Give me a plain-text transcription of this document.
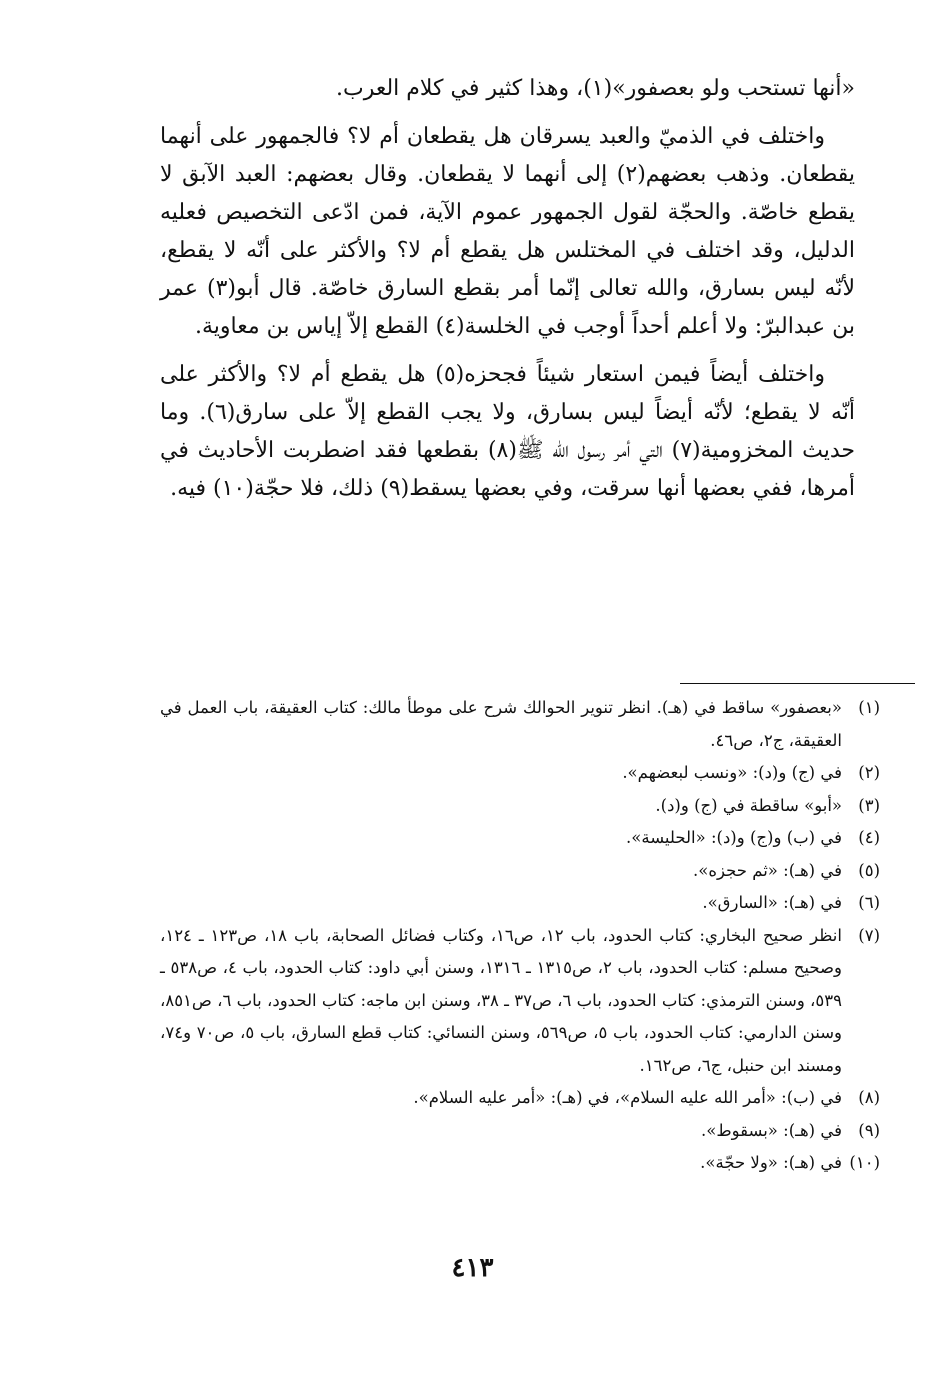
«أنها تستحب ولو بعصفور»(١)، وهذا كثير في كلام العرب.

واختلف في الذميّ والعبد يسرقان هل يقطعان أم لا؟ فالجمهور على أنهما يقطعان. وذهب بعضهم(٢) إلى أنهما لا يقطعان. وقال بعضهم: العبد الآبق لا يقطع خاصّة. والحجّة لقول الجمهور عموم الآية، فمن ادّعى التخصيص فعليه الدليل، وقد اختلف في المختلس هل يقطع أم لا؟ والأكثر على أنّه لا يقطع، لأنّه ليس بسارق، والله تعالى إنّما أمر بقطع السارق خاصّة. قال أبو(٣) عمر بن عبدالبرّ: ولا أعلم أحداً أوجب في الخلسة(٤) القطع إلاّ إياس بن معاوية.

واختلف أيضاً فيمن استعار شيئاً فجحزه(٥) هل يقطع أم لا؟ والأكثر على أنّه لا يقطع؛ لأنّه أيضاً ليس بسارق، ولا يجب القطع إلاّ على سارق(٦). وما حديث المخزومية(٧) التي أمر رسول الله ﷺ(٨) بقطعها فقد اضطربت الأحاديث في أمرها، ففي بعضها أنها سرقت، وفي بعضها يسقط(٩) ذلك، فلا حجّة(١٠) فيه.

(١)
«بعصفور» ساقط في (هـ). انظر تنوير الحوالك شرح على موطأ مالك: كتاب العقيقة، باب العمل في العقيقة، ج٢، ص٤٦.
(٢)
في (ج) و(د): «ونسب لبعضهم».
(٣)
«أبو» ساقطة في (ج) و(د).
(٤)
في (ب) و(ج) و(د): «الحليسة».
(٥)
في (هـ): «ثم حجزه».
(٦)
في (هـ): «السارق».
(٧)
انظر صحيح البخاري: كتاب الحدود، باب ١٢، ص١٦، وكتاب فضائل الصحابة، باب ١٨، ص١٢٣ ـ ١٢٤، وصحيح مسلم: كتاب الحدود، باب ٢، ص١٣١٥ ـ ١٣١٦، وسنن أبي داود: كتاب الحدود، باب ٤، ص٥٣٨ ـ ٥٣٩، وسنن الترمذي: كتاب الحدود، باب ٦، ص٣٧ ـ ٣٨، وسنن ابن ماجه: كتاب الحدود، باب ٦، ص٨٥١، وسنن الدارمي: كتاب الحدود، باب ٥، ص٥٦٩، وسنن النسائي: كتاب قطع السارق، باب ٥، ص٧٠ و٧٤، ومسند ابن حنبل، ج٦، ص١٦٢.
(٨)
في (ب): «أمر الله عليه السلام»، في (هـ): «أمر عليه السلام».
(٩)
في (هـ): «بسقوط».
(١٠)
في (هـ): «ولا حجّة».
٤١٣
